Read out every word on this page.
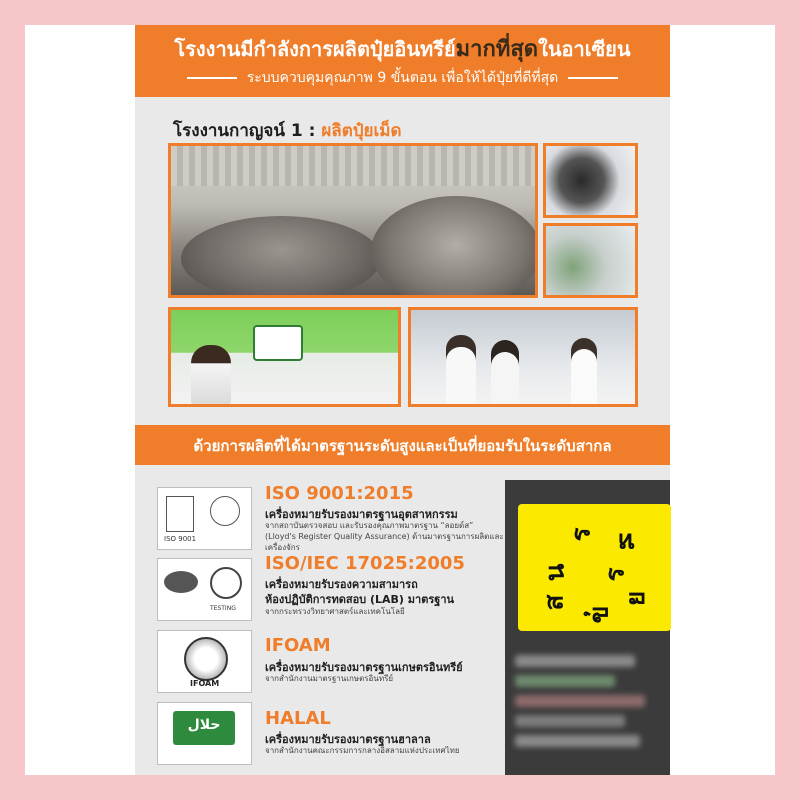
โรงงานมีกำลังการผลิตปุ๋ยอินทรีย์มากที่สุดในอาเซียน
ระบบควบคุมคุณภาพ 9 ขั้นตอน เพื่อให้ได้ปุ๋ยที่ดีที่สุด
โรงงานกาญจน์ 1 : ผลิตปุ๋ยเม็ด
ด้วยการผลิตที่ได้มาตรฐานระดับสูงและเป็นที่ยอมรับในระดับสากล
ISO 9001
ISO 9001:2015
เครื่องหมายรับรองมาตรฐานอุตสาหกรรม
จากสถาบันตรวจสอบ และรับรองคุณภาพมาตรฐาน “ลอยด์ส” (Lloyd's Register Quality Assurance) ด้านมาตรฐานการผลิตและเครื่องจักร
TESTING
ISO/IEC 17025:2005
เครื่องหมายรับรองความสามารถ
ห้องปฏิบัติการทดสอบ (LAB) มาตรฐาน
จากกระทรวงวิทยาศาสตร์และเทคโนโลยี
IFOAM
IFOAM
เครื่องหมายรับรองมาตรฐานเกษตรอินทรีย์
จากสำนักงานมาตรฐานเกษตรอินทรีย์
حلال	HALAL
เครื่องหมายรับรองมาตรฐานฮาลาล
จากสำนักงานคณะกรรมการกลางอิสลามแห่งประเทศไทย
ร ห
น
ส
ร
ุ ย
ข
